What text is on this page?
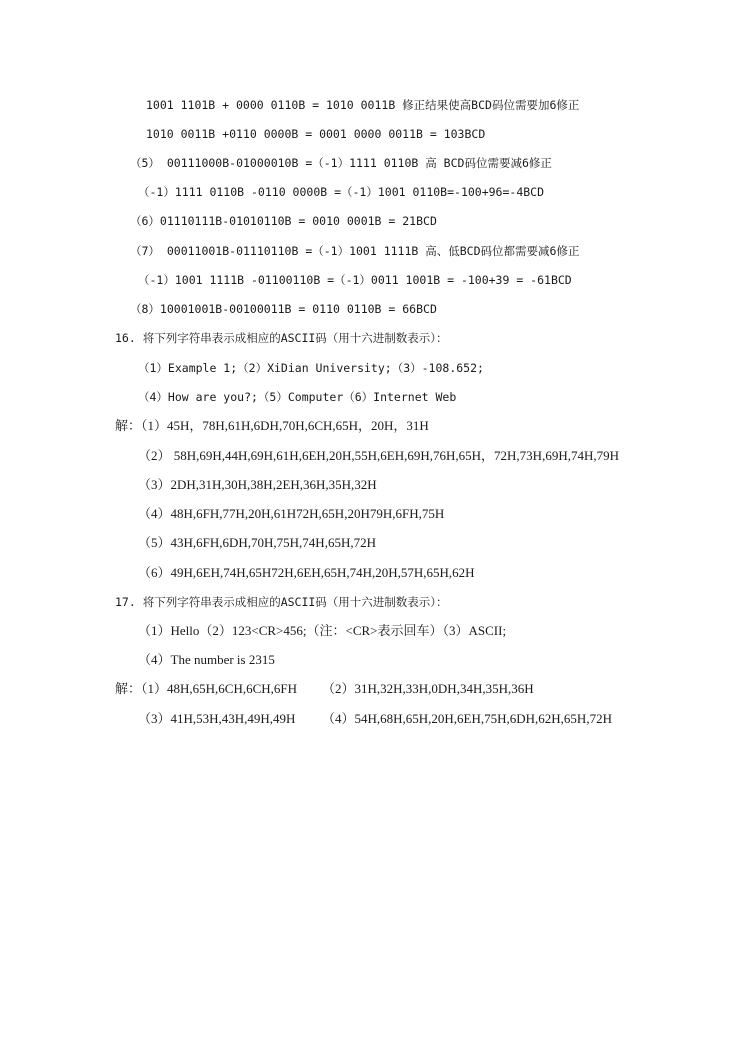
1001 1101B + 0000 0110B = 1010 0011B 修正结果使高BCD码位需要加6修正
1010 0011B +0110 0000B = 0001 0000 0011B = 103BCD
（5） 00111000B-01000010B =（-1）1111 0110B 高 BCD码位需要减6修正
（-1）1111 0110B -0110 0000B =（-1）1001 0110B=-100+96=-4BCD
（6）01110111B-01010110B = 0010 0001B = 21BCD
（7） 00011001B-01110110B =（-1）1001 1111B 高、低BCD码位都需要减6修正
（-1）1001 1111B -01100110B =（-1）0011 1001B = -100+39 = -61BCD
（8）10001001B-00100011B = 0110 0110B = 66BCD
16. 将下列字符串表示成相应的ASCII码（用十六进制数表示）：
（1）Example 1;（2）XiDian University;（3）-108.652;
（4）How are you?;（5）Computer（6）Internet Web
解：（1）45H，78H,61H,6DH,70H,6CH,65H，20H，31H
（2） 58H,69H,44H,69H,61H,6EH,20H,55H,6EH,69H,76H,65H，72H,73H,69H,74H,79H
（3）2DH,31H,30H,38H,2EH,36H,35H,32H
（4）48H,6FH,77H,20H,61H72H,65H,20H79H,6FH,75H
（5）43H,6FH,6DH,70H,75H,74H,65H,72H
（6）49H,6EH,74H,65H72H,6EH,65H,74H,20H,57H,65H,62H
17. 将下列字符串表示成相应的ASCII码（用十六进制数表示）：
（1）Hello（2）123<CR>456;（注：<CR>表示回车）（3）ASCII;
（4）The number is 2315
解：（1）48H,65H,6CH,6CH,6FH （2）31H,32H,33H,0DH,34H,35H,36H
（3）41H,53H,43H,49H,49H （4）54H,68H,65H,20H,6EH,75H,6DH,62H,65H,72H
